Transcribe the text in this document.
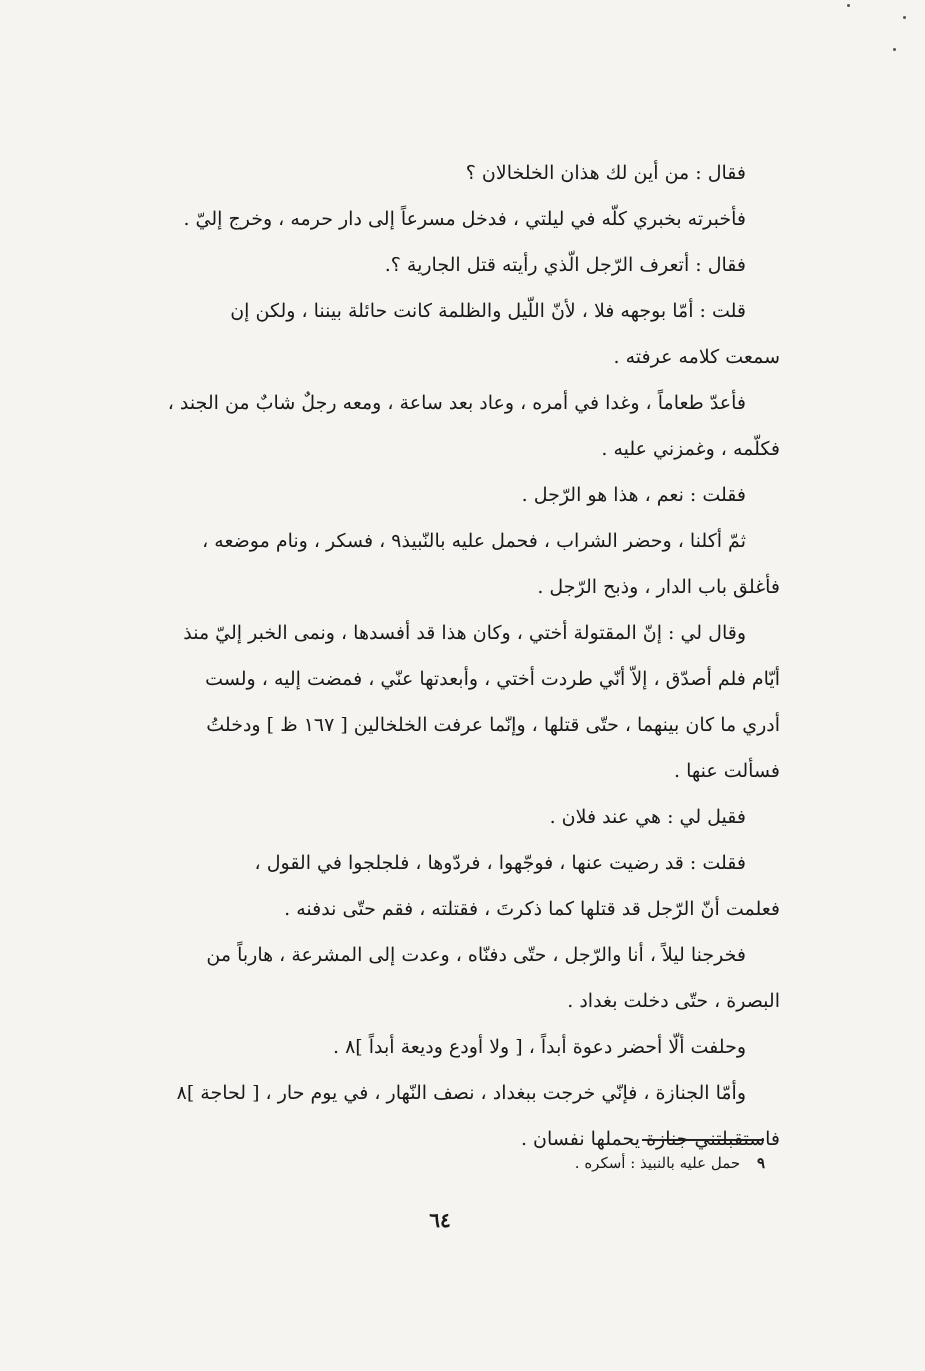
فقال : من أين لك هذان الخلخالان ؟
فأخبرته بخبري كلّه في ليلتي ، فدخل مسرعاً إلى دار حرمه ، وخرج إليّ .
فقال : أتعرف الرّجل الّذي رأيته قتل الجارية ؟.
قلت : أمّا بوجهه فلا ، لأنّ اللّيل والظلمة كانت حائلة بيننا ، ولكن إن
سمعت كلامه عرفته .
فأعدّ طعاماً ، وغدا في أمره ، وعاد بعد ساعة ، ومعه رجلٌ شابٌ من الجند ،
فكلّمه ، وغمزني عليه .
فقلت : نعم ، هذا هو الرّجل .
ثمّ أكلنا ، وحضر الشراب ، فحمل عليه بالنّبيذ٩ ، فسكر ، ونام موضعه ،
فأغلق باب الدار ، وذبح الرّجل .
وقال لي : إنّ المقتولة أختي ، وكان هذا قد أفسدها ، ونمى الخبر إليّ منذ
أيّام فلم أصدّق ، إلاّ أنّي طردت أختي ، وأبعدتها عنّي ، فمضت إليه ، ولست
أدري ما كان بينهما ، حتّى قتلها ، وإنّما عرفت الخلخالين [ ١٦٧ ظ ] ودخلتُ
فسألت عنها .
فقيل لي : هي عند فلان .
فقلت : قد رضيت عنها ، فوجّهوا ، فردّوها ، فلجلجوا في القول ،
فعلمت أنّ الرّجل قد قتلها كما ذكرتَ ، فقتلته ، فقم حتّى ندفنه .
فخرجنا ليلاً ، أنا والرّجل ، حتّى دفنّاه ، وعدت إلى المشرعة ، هارباً من
البصرة ، حتّى دخلت بغداد .
وحلفت ألّا أحضر دعوة أبداً ، [ ولا أودع وديعة أبداً ]٨ .
وأمّا الجنازة ، فإنّي خرجت ببغداد ، نصف النّهار ، في يوم حار ، [ لحاجة ]٨
فاستقبلتني جنازة يحملها نفسان .
٩ حمل عليه بالنبيذ : أسكره .
٦٤
